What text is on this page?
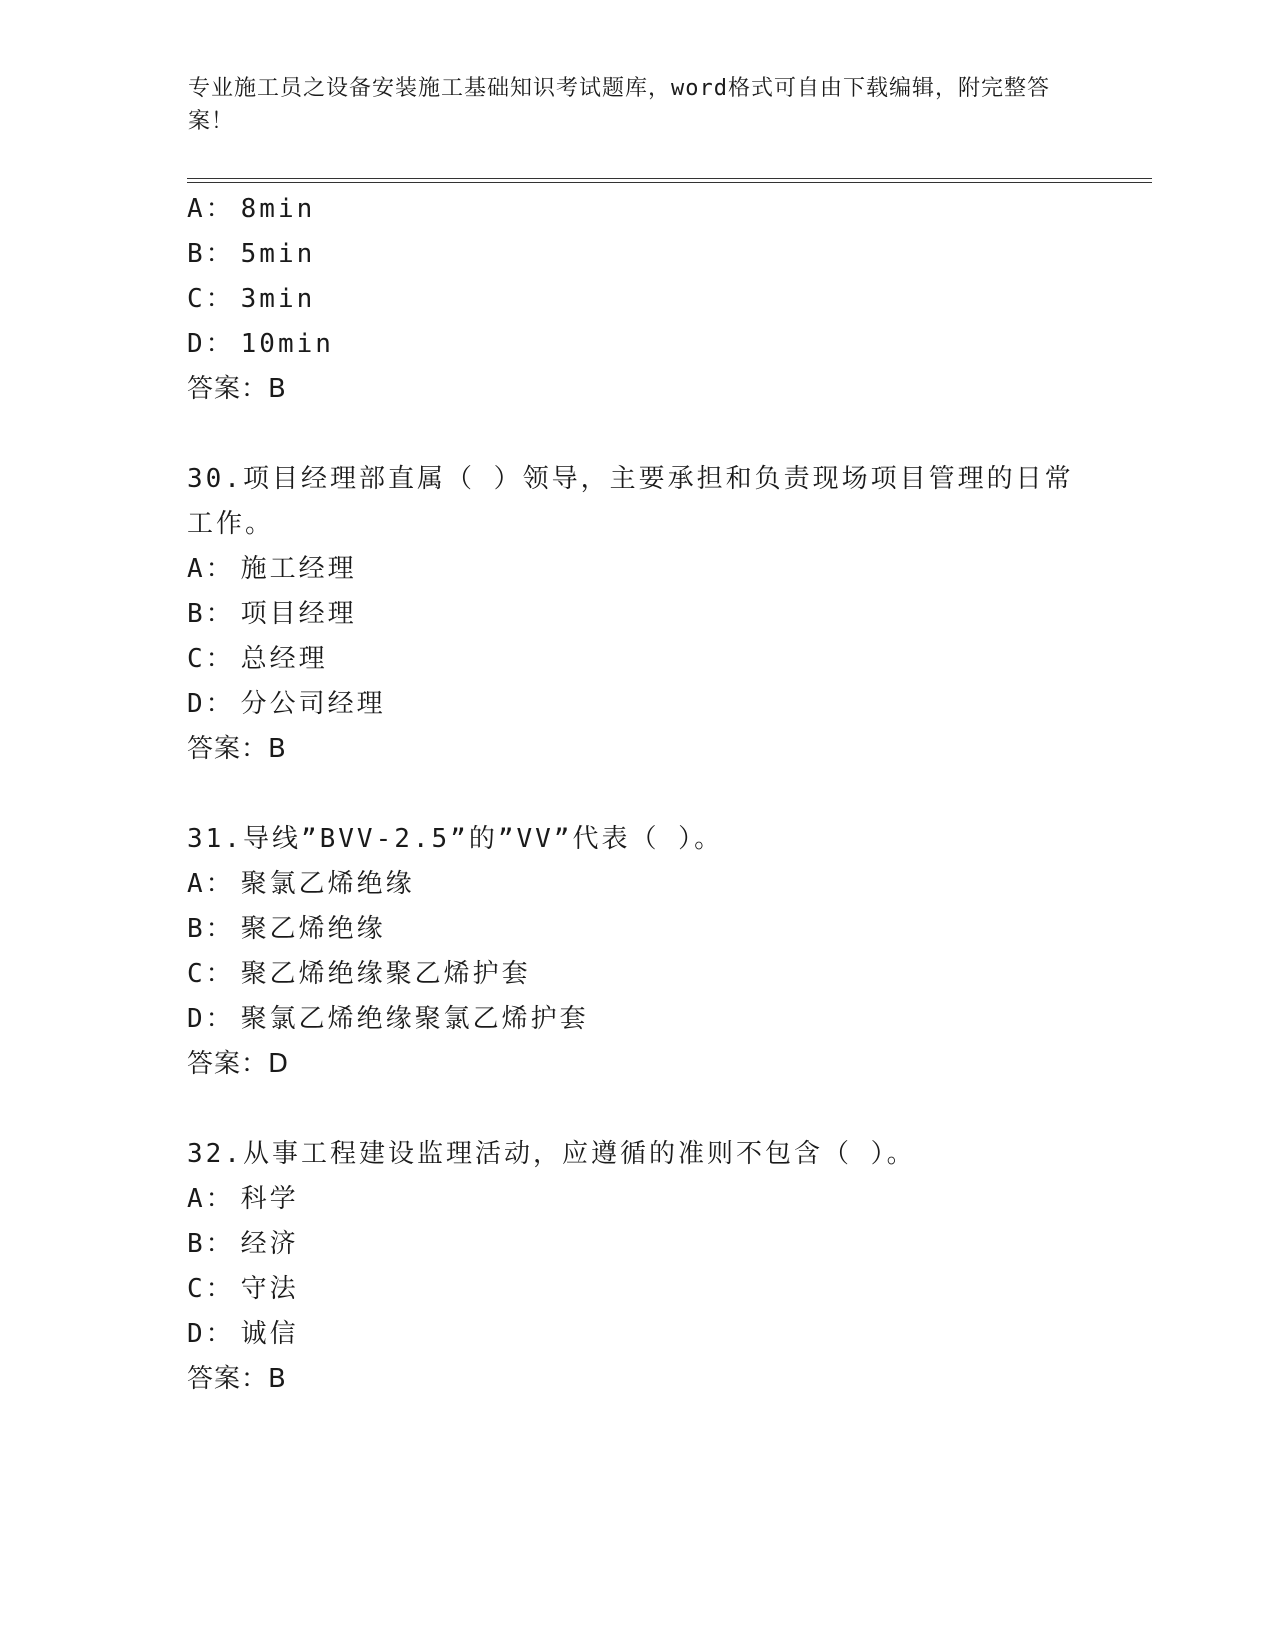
专业施工员之设备安装施工基础知识考试题库，word格式可自由下载编辑，附完整答案！
A： 8min
B： 5min
C： 3min
D： 10min
答案：B
30.项目经理部直属（ ）领导，主要承担和负责现场项目管理的日常
工作。
A： 施工经理
B： 项目经理
C： 总经理
D： 分公司经理
答案：B
31.导线”BVV-2.5”的”VV”代表（ ）。
A： 聚氯乙烯绝缘
B： 聚乙烯绝缘
C： 聚乙烯绝缘聚乙烯护套
D： 聚氯乙烯绝缘聚氯乙烯护套
答案：D
32.从事工程建设监理活动，应遵循的准则不包含（ ）。
A： 科学
B： 经济
C： 守法
D： 诚信
答案：B
